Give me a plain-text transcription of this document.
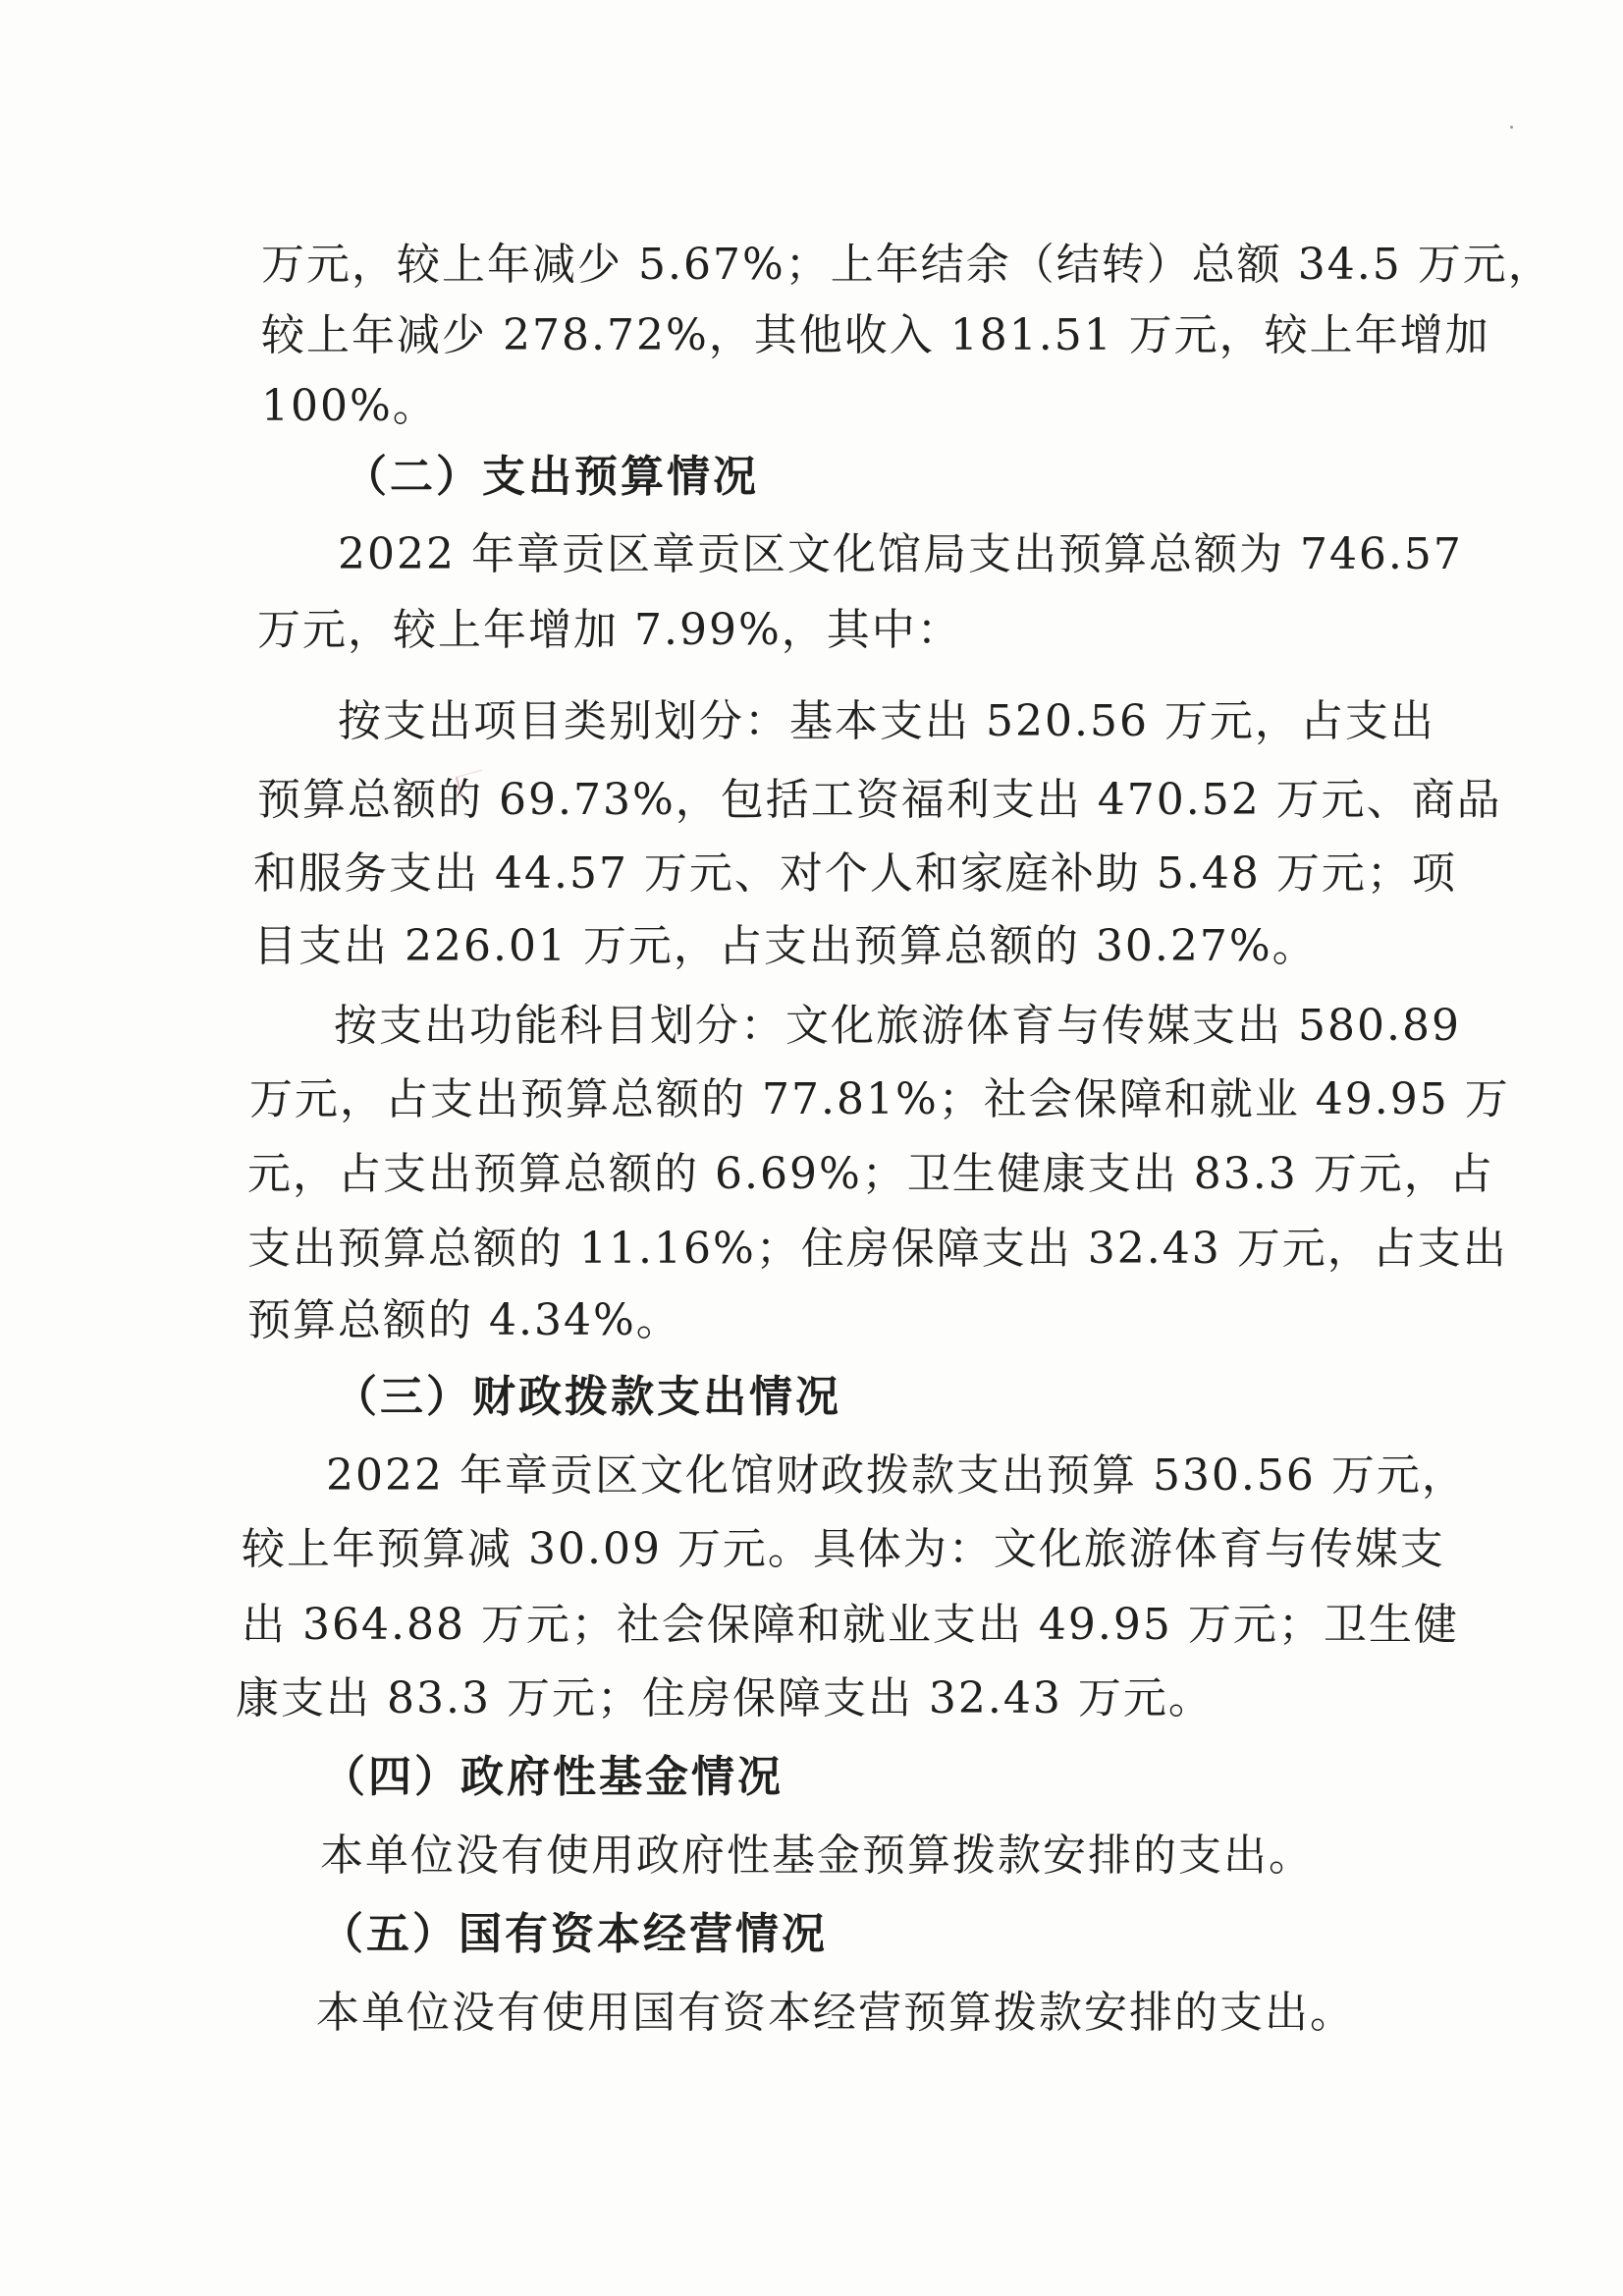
万元，较上年减少 5.67%；上年结余（结转）总额 34.5 万元，
较上年减少 278.72%，其他收入 181.51 万元，较上年增加
100%。
（二）支出预算情况
2022 年章贡区章贡区文化馆局支出预算总额为 746.57
万元，较上年增加 7.99%，其中：
按支出项目类别划分：基本支出 520.56 万元，占支出
预算总额的 69.73%，包括工资福利支出 470.52 万元、商品
和服务支出 44.57 万元、对个人和家庭补助 5.48 万元；项
目支出 226.01 万元，占支出预算总额的 30.27%。
按支出功能科目划分：文化旅游体育与传媒支出 580.89
万元，占支出预算总额的 77.81%；社会保障和就业 49.95 万
元，占支出预算总额的 6.69%；卫生健康支出 83.3 万元，占
支出预算总额的 11.16%；住房保障支出 32.43 万元，占支出
预算总额的 4.34%。
（三）财政拨款支出情况
2022 年章贡区文化馆财政拨款支出预算 530.56 万元，
较上年预算减 30.09 万元。具体为：文化旅游体育与传媒支
出 364.88 万元；社会保障和就业支出 49.95 万元；卫生健
康支出 83.3 万元；住房保障支出 32.43 万元。
（四）政府性基金情况
本单位没有使用政府性基金预算拨款安排的支出。
（五）国有资本经营情况
本单位没有使用国有资本经营预算拨款安排的支出。
